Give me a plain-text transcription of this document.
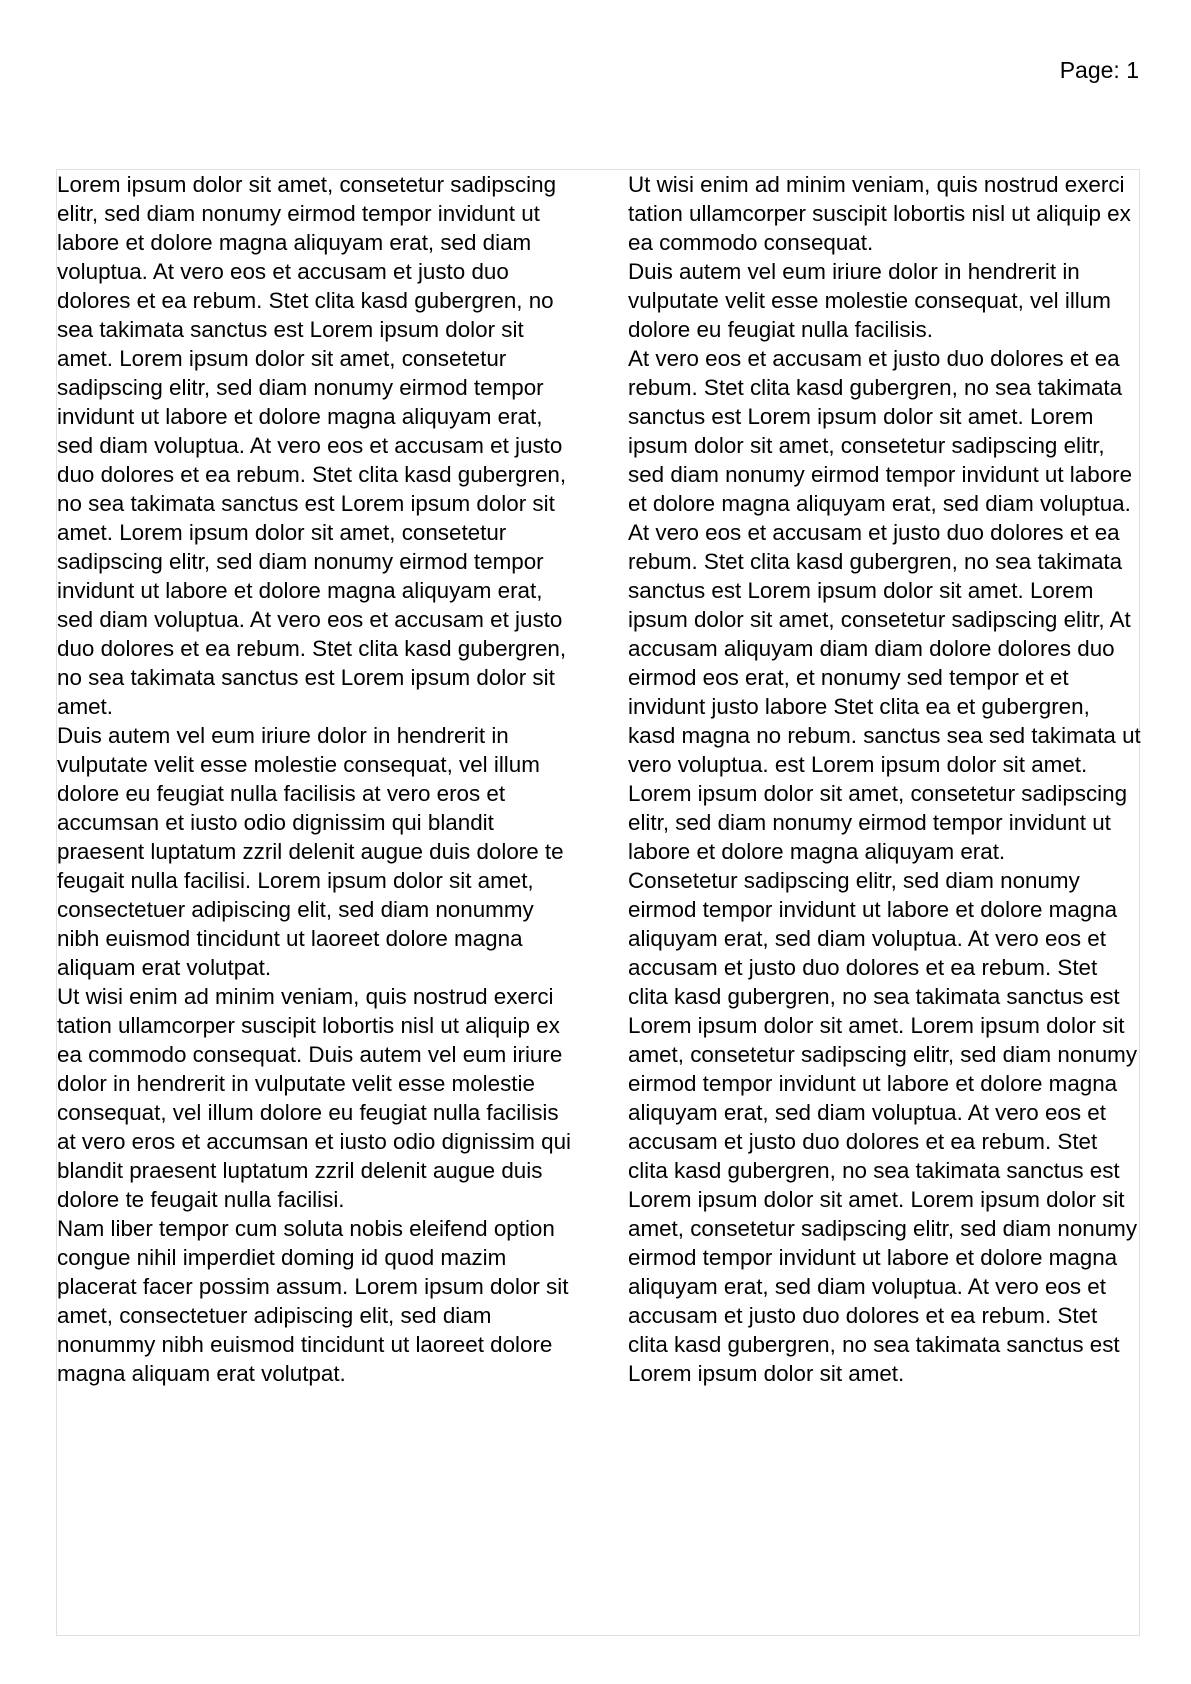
Page: 1

Lorem ipsum dolor sit amet, consetetur sadipscing elitr, sed diam nonumy eirmod tempor invidunt ut labore et dolore magna aliquyam erat, sed diam voluptua. At vero eos et accusam et justo duo dolores et ea rebum. Stet clita kasd gubergren, no sea takimata sanctus est Lorem ipsum dolor sit amet. Lorem ipsum dolor sit amet, consetetur sadipscing elitr, sed diam nonumy eirmod tempor invidunt ut labore et dolore magna aliquyam erat, sed diam voluptua. At vero eos et accusam et justo duo dolores et ea rebum. Stet clita kasd gubergren, no sea takimata sanctus est Lorem ipsum dolor sit amet. Lorem ipsum dolor sit amet, consetetur sadipscing elitr, sed diam nonumy eirmod tempor invidunt ut labore et dolore magna aliquyam erat, sed diam voluptua. At vero eos et accusam et justo duo dolores et ea rebum. Stet clita kasd gubergren, no sea takimata sanctus est Lorem ipsum dolor sit amet.

Duis autem vel eum iriure dolor in hendrerit in vulputate velit esse molestie consequat, vel illum dolore eu feugiat nulla facilisis at vero eros et accumsan et iusto odio dignissim qui blandit praesent luptatum zzril delenit augue duis dolore te feugait nulla facilisi. Lorem ipsum dolor sit amet, consectetuer adipiscing elit, sed diam nonummy nibh euismod tincidunt ut laoreet dolore magna aliquam erat volutpat.

Ut wisi enim ad minim veniam, quis nostrud exerci tation ullamcorper suscipit lobortis nisl ut aliquip ex ea commodo consequat. Duis autem vel eum iriure dolor in hendrerit in vulputate velit esse molestie consequat, vel illum dolore eu feugiat nulla facilisis at vero eros et accumsan et iusto odio dignissim qui blandit praesent luptatum zzril delenit augue duis dolore te feugait nulla facilisi.

Nam liber tempor cum soluta nobis eleifend option congue nihil imperdiet doming id quod mazim placerat facer possim assum. Lorem ipsum dolor sit amet, consectetuer adipiscing elit, sed diam nonummy nibh euismod tincidunt ut laoreet dolore magna aliquam erat volutpat.

Ut wisi enim ad minim veniam, quis nostrud exerci tation ullamcorper suscipit lobortis nisl ut aliquip ex ea commodo consequat.

Duis autem vel eum iriure dolor in hendrerit in vulputate velit esse molestie consequat, vel illum dolore eu feugiat nulla facilisis.

At vero eos et accusam et justo duo dolores et ea rebum. Stet clita kasd gubergren, no sea takimata sanctus est Lorem ipsum dolor sit amet. Lorem ipsum dolor sit amet, consetetur sadipscing elitr, sed diam nonumy eirmod tempor invidunt ut labore et dolore magna aliquyam erat, sed diam voluptua. At vero eos et accusam et justo duo dolores et ea rebum. Stet clita kasd gubergren, no sea takimata sanctus est Lorem ipsum dolor sit amet. Lorem ipsum dolor sit amet, consetetur sadipscing elitr, At accusam aliquyam diam diam dolore dolores duo eirmod eos erat, et nonumy sed tempor et et invidunt justo labore Stet clita ea et gubergren, kasd magna no rebum. sanctus sea sed takimata ut vero voluptua. est Lorem ipsum dolor sit amet. Lorem ipsum dolor sit amet, consetetur sadipscing elitr, sed diam nonumy eirmod tempor invidunt ut labore et dolore magna aliquyam erat.

Consetetur sadipscing elitr, sed diam nonumy eirmod tempor invidunt ut labore et dolore magna aliquyam erat, sed diam voluptua. At vero eos et accusam et justo duo dolores et ea rebum. Stet clita kasd gubergren, no sea takimata sanctus est Lorem ipsum dolor sit amet. Lorem ipsum dolor sit amet, consetetur sadipscing elitr, sed diam nonumy eirmod tempor invidunt ut labore et dolore magna aliquyam erat, sed diam voluptua. At vero eos et accusam et justo duo dolores et ea rebum. Stet clita kasd gubergren, no sea takimata sanctus est Lorem ipsum dolor sit amet. Lorem ipsum dolor sit amet, consetetur sadipscing elitr, sed diam nonumy eirmod tempor invidunt ut labore et dolore magna aliquyam erat, sed diam voluptua. At vero eos et accusam et justo duo dolores et ea rebum. Stet clita kasd gubergren, no sea takimata sanctus est Lorem ipsum dolor sit amet.
